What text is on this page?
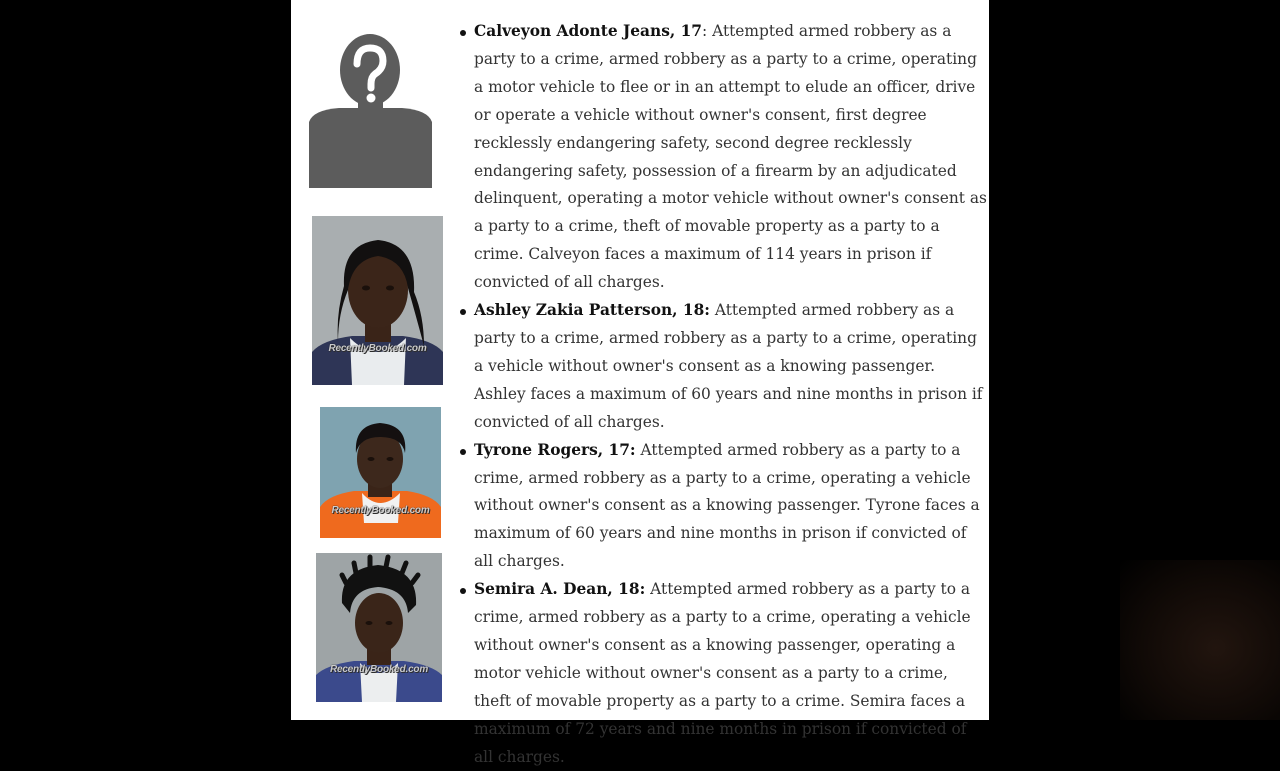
RecentlyBooked.com
RecentlyBooked.com
RecentlyBooked.com
Calveyon Adonte Jeans, 17: Attempted armed robbery as a party to a crime, armed robbery as a party to a crime, operating a motor vehicle to flee or in an attempt to elude an officer, drive or operate a vehicle without owner's consent, first degree recklessly endangering safety, second degree recklessly endangering safety, possession of a firearm by an adjudicated delinquent, operating a motor vehicle without owner's consent as a party to a crime, theft of movable property as a party to a crime. Calveyon faces a maximum of 114 years in prison if convicted of all charges.
Ashley Zakia Patterson, 18: Attempted armed robbery as a party to a crime, armed robbery as a party to a crime, operating a vehicle without owner's consent as a knowing passenger. Ashley faces a maximum of 60 years and nine months in prison if convicted of all charges.
Tyrone Rogers, 17: Attempted armed robbery as a party to a crime, armed robbery as a party to a crime, operating a vehicle without owner's consent as a knowing passenger. Tyrone faces a maximum of 60 years and nine months in prison if convicted of all charges.
Semira A. Dean, 18: Attempted armed robbery as a party to a crime, armed robbery as a party to a crime, operating a vehicle without owner's consent as a knowing passenger, operating a motor vehicle without owner's consent as a party to a crime, theft of movable property as a party to a crime. Semira faces a maximum of 72 years and nine months in prison if convicted of all charges.
